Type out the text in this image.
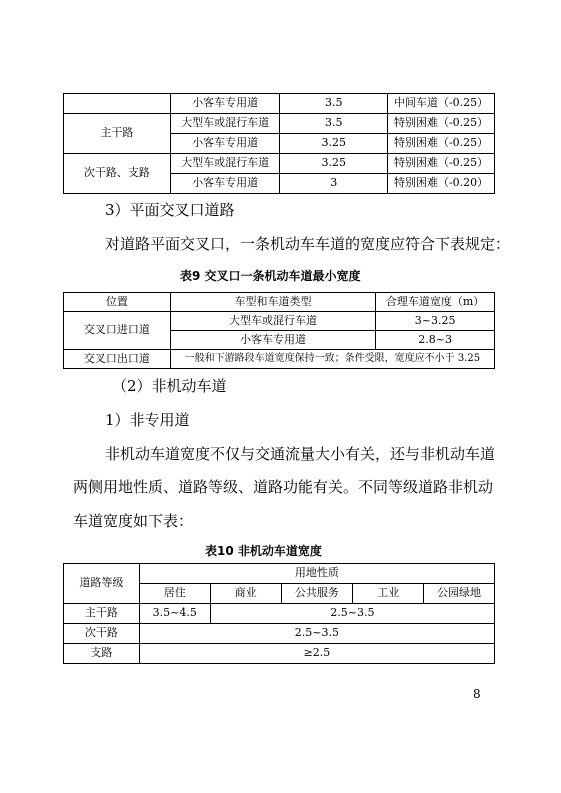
	小客车专用道	3.5	中间车道（-0.25）
主干路	大型车或混行车道	3.5	特别困难（-0.25）
	小客车专用道	3.25	特别困难（-0.25）
次干路、支路	大型车或混行车道	3.25	特别困难（-0.25）
	小客车专用道	3	特别困难（-0.20）
3）平面交叉口道路
对道路平面交叉口，一条机动车车道的宽度应符合下表规定：
表9 交叉口一条机动车道最小宽度
位置	车型和车道类型	合理车道宽度（m）
交叉口进口道	大型车或混行车道	3~3.25
	小客车专用道	2.8~3
交叉口出口道	一般和下游路段车道宽度保持一致；条件受限，宽度应不小于 3.25	
（2）非机动车道
1）非专用道
非机动车道宽度不仅与交通流量大小有关，还与非机动车道
两侧用地性质、道路等级、道路功能有关。不同等级道路非机动
车道宽度如下表：
表10 非机动车道宽度
道路等级	用地性质				
	居住	商业	公共服务	工业	公园绿地
主干路	3.5~4.5	2.5~3.5			
次干路	2.5~3.5				
支路	≥2.5				
8
